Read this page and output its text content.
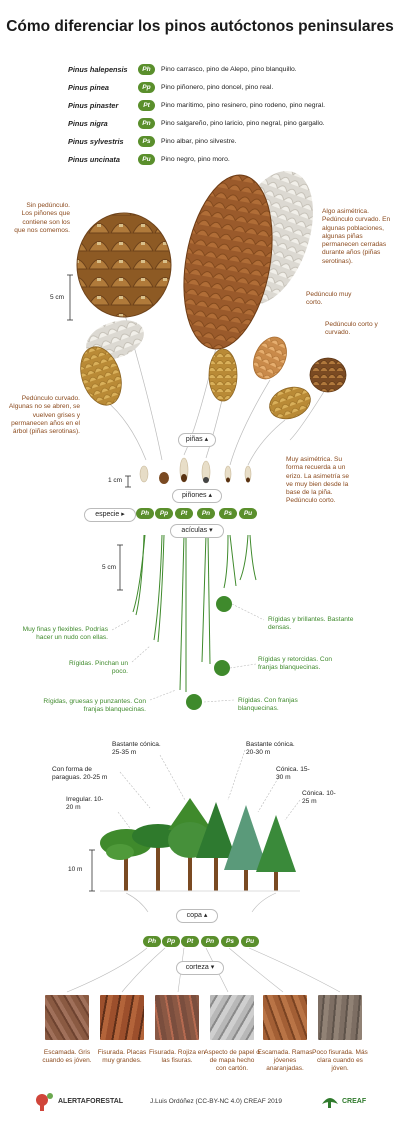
Cómo diferenciar los pinos autóctonos peninsulares
Pinus halepensis	Ph	Pino carrasco, pino de Alepo, pino blanquillo.
Pinus pinea	Pp	Pino piñonero, pino doncel, pino real.
Pinus pinaster	Pt	Pino marítimo, pino resinero, pino rodeno, pino negral.
Pinus nigra	Pn	Pino salgareño, pino laricio, pino negral, pino gargallo.
Pinus sylvestris	Ps	Pino albar, pino silvestre.
Pinus uncinata	Pu	Pino negro, pino moro.
Sin pedúnculo. Los piñones que contiene son los que nos comemos.
Algo asimétrica. Pedúnculo curvado. En algunas poblaciones, algunas piñas permanecen cerradas durante años (piñas serotinas).
Pedúnculo muy corto.
Pedúnculo corto y curvado.
Pedúnculo curvado. Algunas no se abren, se vuelven grises y permanecen años en el árbol (piñas serotinas).
Muy asimétrica. Su forma recuerda a un erizo. La asimetría se ve muy bien desde la base de la piña. Pedúnculo corto.
5 cm
piñas ▴
1 cm
piñones ▴
especie ▸	Ph	Pp	Pt	Pn	Ps	Pu
acículas ▾
5 cm
Muy finas y flexibles. Podrías hacer un nudo con ellas.
Rígidas. Pinchan un poco.
Rígidas, gruesas y punzantes. Con franjas blanquecinas.
Rígidas y brillantes. Bastante densas.
Rígidas y retorcidas. Con franjas blanquecinas.
Rígidas. Con franjas blanquecinas.
Bastante cónica. 25-35 m
Bastante cónica. 20-30 m
Con forma de paraguas. 20-25 m
Cónica. 15-30 m
Irregular. 10-20 m
Cónica. 10-25 m
10 m
copa ▴
Ph	Pp	Pt	Pn	Ps	Pu
corteza ▾
Escamada. Gris cuando es jóven.
Fisurada. Placas muy grandes.
Fisurada. Rojiza en las fisuras.
Aspecto de papel o de mapa hecho con cartón.
Escamada. Ramas jóvenes anaranjadas.
Poco fisurada. Más clara cuando es jóven.
ALERTAFORESTAL	J.Luis Ordóñez (CC-BY-NC 4.0) CREAF 2019	CREAF
